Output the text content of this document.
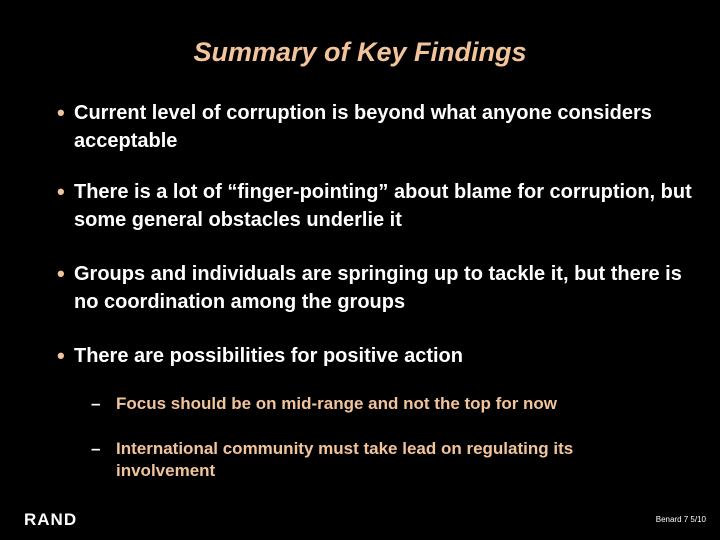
Summary of Key Findings
• Current level of corruption is beyond what anyone considers acceptable
• There is a lot of “finger-pointing” about blame for corruption, but some general obstacles underlie it
• Groups and individuals are springing up to tackle it, but there is no coordination among the groups
• There are possibilities for positive action
– Focus should be on mid-range and not the top for now
– International community must take lead on regulating its involvement
RAND	Benard 7 5/10
